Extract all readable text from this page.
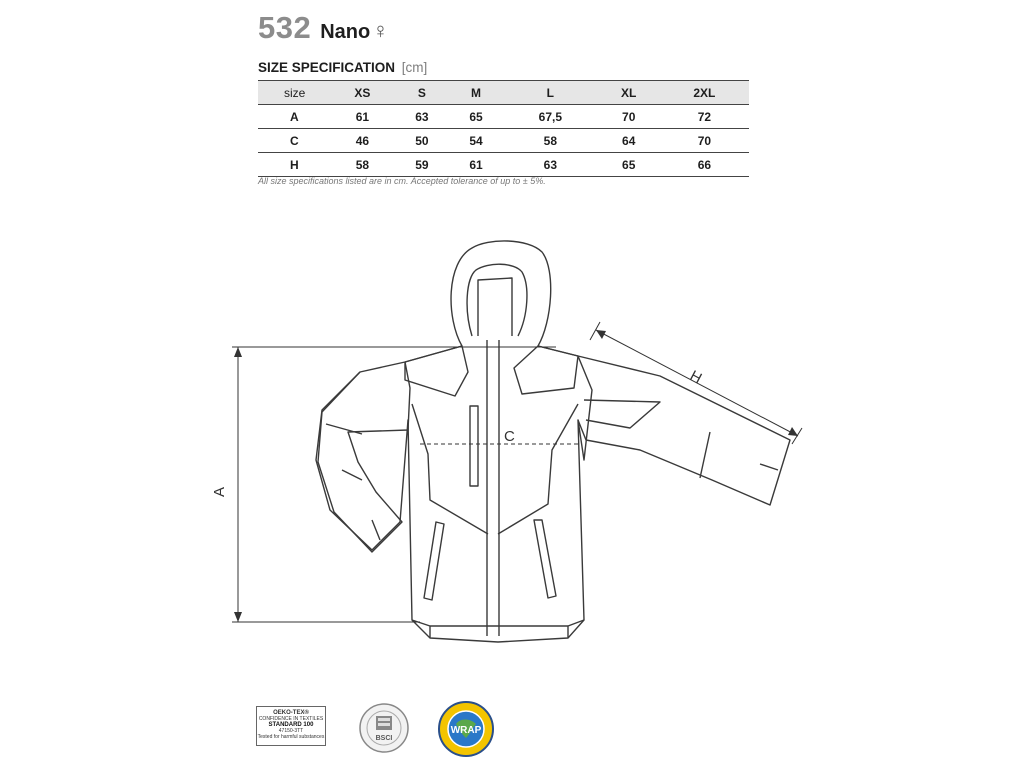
532 Nano ♀
SIZE SPECIFICATION [cm]
size	XS	S	M	L	XL	2XL
A	61	63	65	67,5	70	72
C	46	50	54	58	64	70
H	58	59	61	63	65	66
All size specifications listed are in cm. Accepted tolerance of up to ± 5%.
A
C
H
OEKO-TEX®
CONFIDENCE IN TEXTILES
STANDARD 100
47150-3TT
Tested for harmful substances	BSCI
WRAP
